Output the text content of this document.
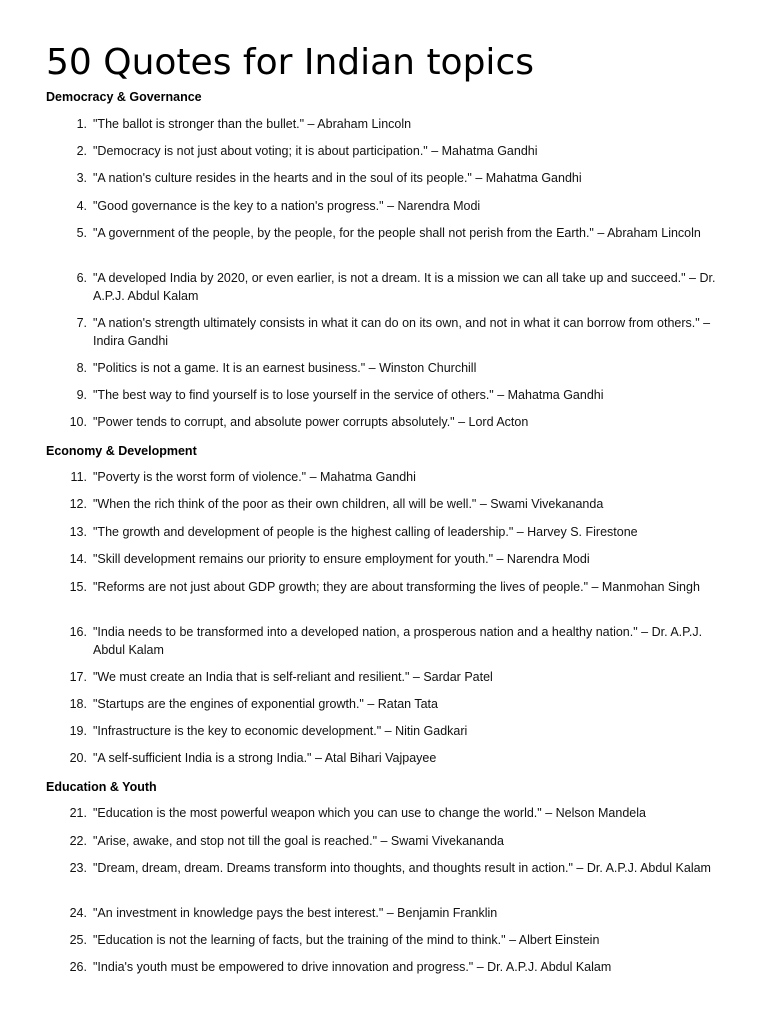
50 Quotes for Indian topics
Democracy & Governance
1. "The ballot is stronger than the bullet." – Abraham Lincoln
2. "Democracy is not just about voting; it is about participation." – Mahatma Gandhi
3. "A nation's culture resides in the hearts and in the soul of its people." – Mahatma Gandhi
4. "Good governance is the key to a nation's progress." – Narendra Modi
5. "A government of the people, by the people, for the people shall not perish from the Earth." – Abraham Lincoln
6. "A developed India by 2020, or even earlier, is not a dream. It is a mission we can all take up and succeed." – Dr. A.P.J. Abdul Kalam
7. "A nation's strength ultimately consists in what it can do on its own, and not in what it can borrow from others." – Indira Gandhi
8. "Politics is not a game. It is an earnest business." – Winston Churchill
9. "The best way to find yourself is to lose yourself in the service of others." – Mahatma Gandhi
10. "Power tends to corrupt, and absolute power corrupts absolutely." – Lord Acton
Economy & Development
11. "Poverty is the worst form of violence." – Mahatma Gandhi
12. "When the rich think of the poor as their own children, all will be well." – Swami Vivekananda
13. "The growth and development of people is the highest calling of leadership." – Harvey S. Firestone
14. "Skill development remains our priority to ensure employment for youth." – Narendra Modi
15. "Reforms are not just about GDP growth; they are about transforming the lives of people." – Manmohan Singh
16. "India needs to be transformed into a developed nation, a prosperous nation and a healthy nation." – Dr. A.P.J. Abdul Kalam
17. "We must create an India that is self-reliant and resilient." – Sardar Patel
18. "Startups are the engines of exponential growth." – Ratan Tata
19. "Infrastructure is the key to economic development." – Nitin Gadkari
20. "A self-sufficient India is a strong India." – Atal Bihari Vajpayee
Education & Youth
21. "Education is the most powerful weapon which you can use to change the world." – Nelson Mandela
22. "Arise, awake, and stop not till the goal is reached." – Swami Vivekananda
23. "Dream, dream, dream. Dreams transform into thoughts, and thoughts result in action." – Dr. A.P.J. Abdul Kalam
24. "An investment in knowledge pays the best interest." – Benjamin Franklin
25. "Education is not the learning of facts, but the training of the mind to think." – Albert Einstein
26. "India's youth must be empowered to drive innovation and progress." – Dr. A.P.J. Abdul Kalam
